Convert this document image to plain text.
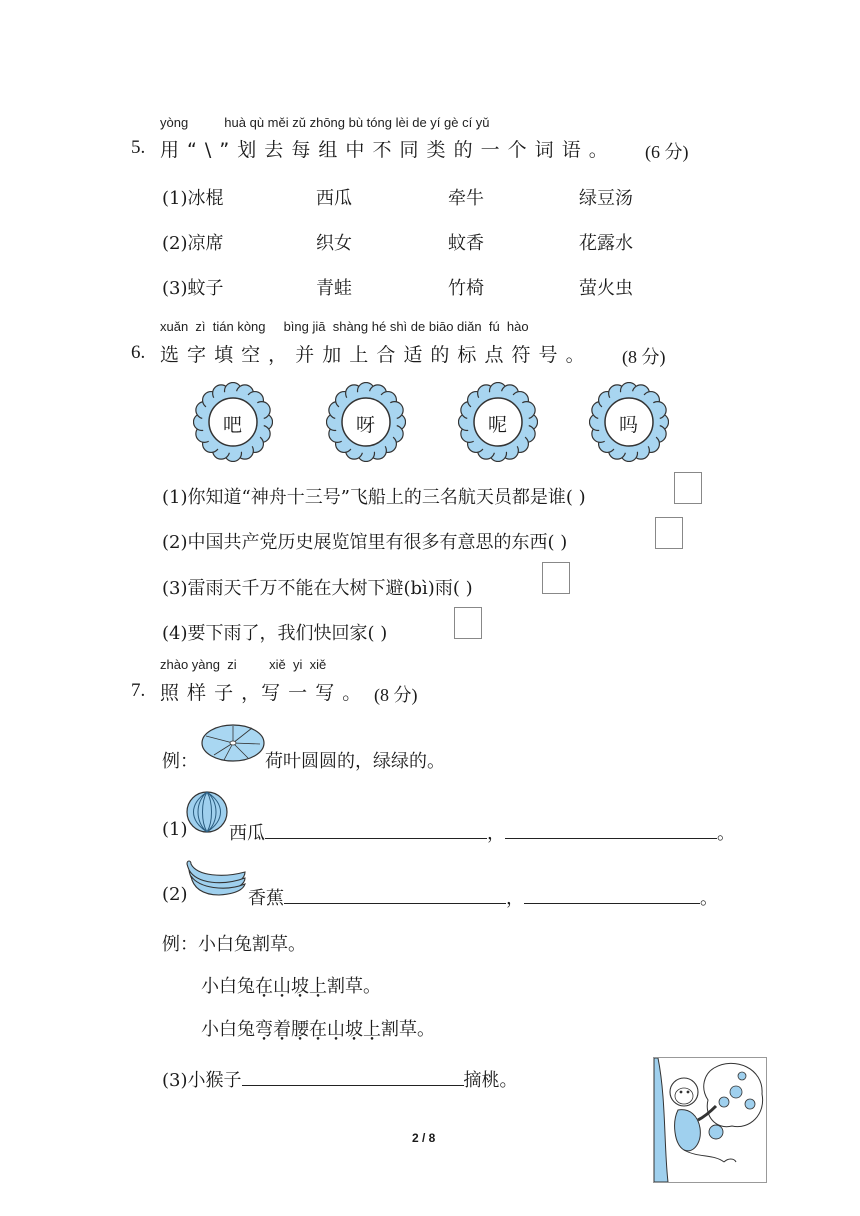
yòng          huà qù měi zǔ zhōng bù tóng lèi de yí gè cí yǔ
5. 用 “ \ ” 划 去 每 组 中 不 同 类 的 一 个 词 语 。 (6 分)
(1)冰棍	西瓜	牵牛	绿豆汤
(2)凉席	织女	蚊香	花露水
(3)蚊子	青蛙	竹椅	萤火虫
xuǎn  zì  tián kòng     bìng jiā  shàng hé shì de biāo diǎn  fú  hào
6. 选 字 填 空 ， 并 加 上 合 适 的 标 点 符 号 。 (8 分)
吧	呀	呢	吗
(1)你知道“神舟十三号”飞船上的三名航天员都是谁( )
(2)中国共产党历史展览馆里有很多有意思的东西( )
(3)雷雨天千万不能在大树下避(bì)雨( )
(4)要下雨了，我们快回家( )
zhào yàng  zi         xiě  yi  xiě
7. 照 样 子 ，写 一 写 。 (8 分)
例：	荷叶圆圆的，绿绿的。
(1) 西瓜	，	。
(2)	香蕉	，	。
例：小白兔割草。
小白兔在山坡上割草。
小白兔弯着腰在山坡上割草。
(3)小猴子	摘桃。
2 / 8
